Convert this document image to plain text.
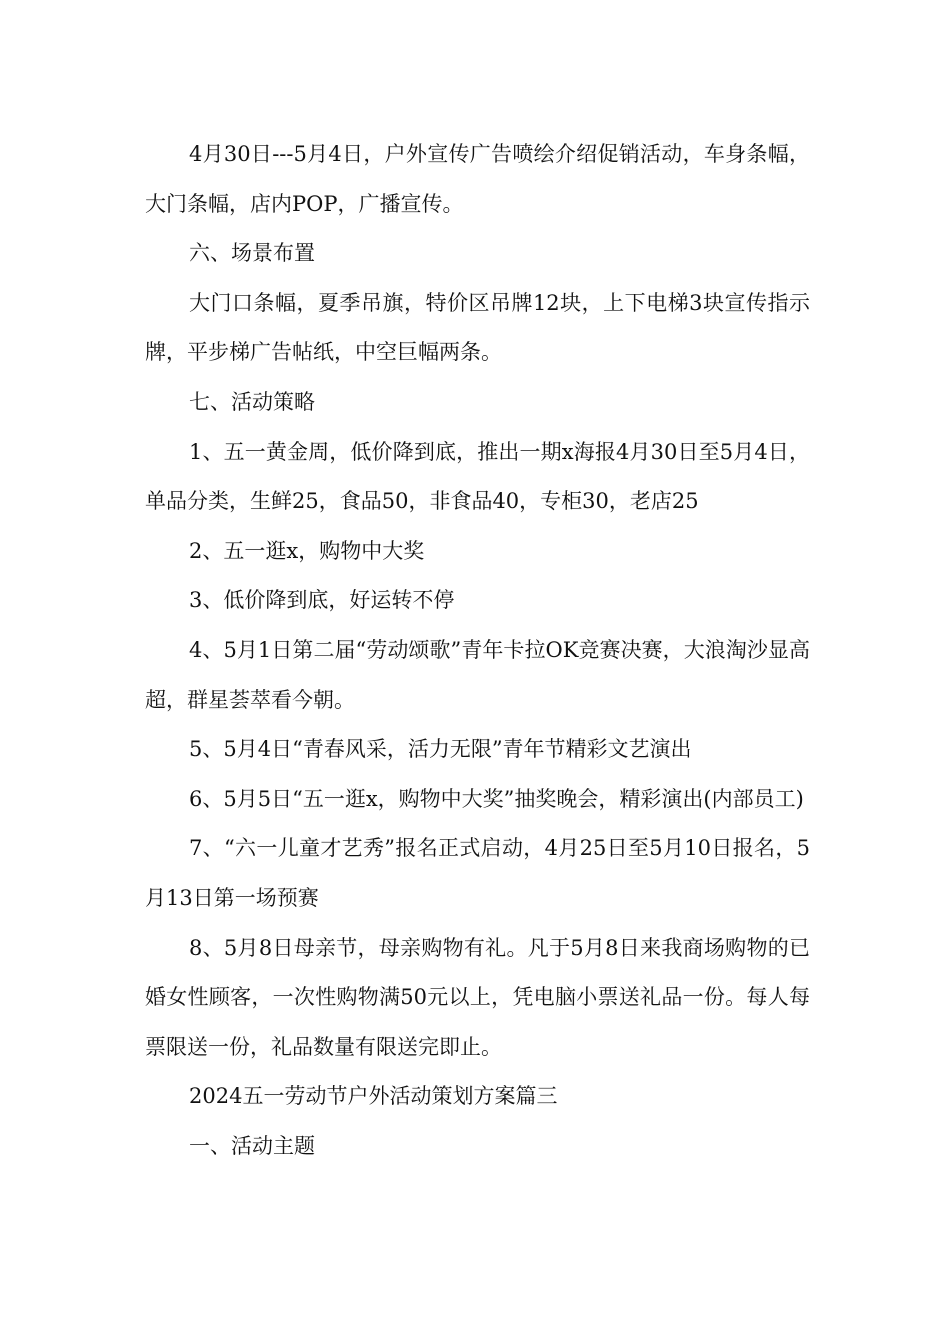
4月30日---5月4日，户外宣传广告喷绘介绍促销活动，车身条幅，大门条幅，店内POP，广播宣传。

六、场景布置

大门口条幅，夏季吊旗，特价区吊牌12块，上下电梯3块宣传指示牌，平步梯广告帖纸，中空巨幅两条。

七、活动策略

1、五一黄金周，低价降到底，推出一期x海报4月30日至5月4日，单品分类，生鲜25，食品50，非食品40，专柜30，老店25

2、五一逛x，购物中大奖

3、低价降到底，好运转不停

4、5月1日第二届“劳动颂歌”青年卡拉OK竞赛决赛，大浪淘沙显高超，群星荟萃看今朝。

5、5月4日“青春风采，活力无限”青年节精彩文艺演出

6、5月5日“五一逛x，购物中大奖”抽奖晚会，精彩演出(内部员工)

7、“六一儿童才艺秀”报名正式启动，4月25日至5月10日报名，5月13日第一场预赛

8、5月8日母亲节，母亲购物有礼。凡于5月8日来我商场购物的已婚女性顾客，一次性购物满50元以上，凭电脑小票送礼品一份。每人每票限送一份，礼品数量有限送完即止。

2024五一劳动节户外活动策划方案篇三

一、活动主题
